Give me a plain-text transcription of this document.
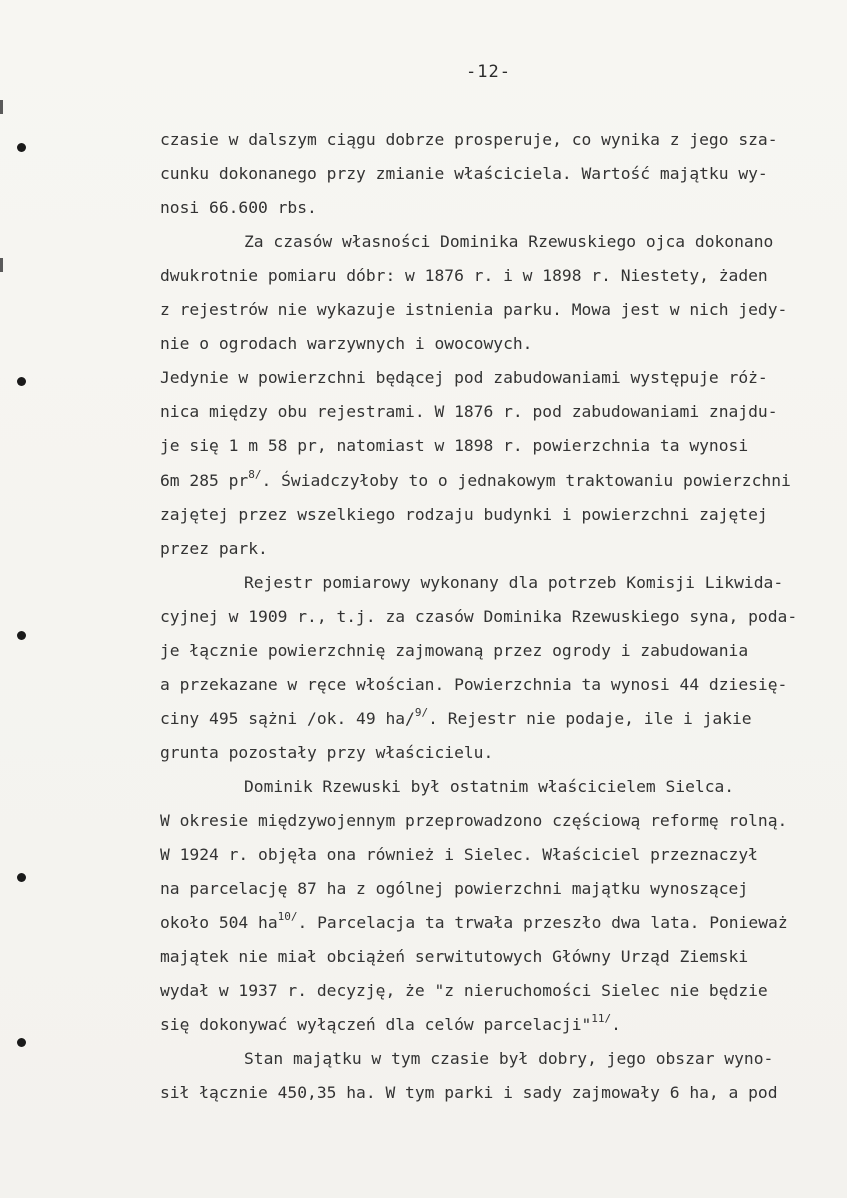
-12-
czasie w dalszym ciągu dobrze prosperuje, co wynika z jego sza-
cunku dokonanego przy zmianie właściciela. Wartość majątku wy-
nosi 66.600 rbs.
Za czasów własności Dominika Rzewuskiego ojca dokonano
dwukrotnie pomiaru dóbr: w 1876 r. i w 1898 r. Niestety, żaden
z rejestrów nie wykazuje istnienia parku. Mowa jest w nich jedy-
nie o ogrodach warzywnych i owocowych.
Jedynie w powierzchni będącej pod zabudowaniami występuje róż-
nica między obu rejestrami. W 1876 r. pod zabudowaniami znajdu-
je się 1 m 58 pr, natomiast w 1898 r. powierzchnia ta wynosi
6m 285 pr$^{8/}$. Świadczyłoby to o jednakowym traktowaniu powierzchni
zajętej przez wszelkiego rodzaju budynki i powierzchni zajętej
przez park.
Rejestr pomiarowy wykonany dla potrzeb Komisji Likwida-
cyjnej w 1909 r., t.j. za czasów Dominika Rzewuskiego syna, poda-
je łącznie powierzchnię zajmowaną przez ogrody i zabudowania
a przekazane w ręce włościan. Powierzchnia ta wynosi 44 dziesię-
ciny 495 sążni /ok. 49 ha/$^{9/}$. Rejestr nie podaje, ile i jakie
grunta pozostały przy właścicielu.
Dominik Rzewuski był ostatnim właścicielem Sielca.
W okresie międzywojennym przeprowadzono częściową reformę rolną.
W 1924 r. objęła ona również i Sielec. Właściciel przeznaczył
na parcelację 87 ha z ogólnej powierzchni majątku wynoszącej
około 504 ha$^{10/}$. Parcelacja ta trwała przeszło dwa lata. Ponieważ
majątek nie miał obciążeń serwitutowych Główny Urząd Ziemski
wydał w 1937 r. decyzję, że "z nieruchomości Sielec nie będzie
się dokonywać wyłączeń dla celów parcelacji"$^{11/}$.
Stan majątku w tym czasie był dobry, jego obszar wyno-
sił łącznie 450,35 ha. W tym parki i sady zajmowały 6 ha, a pod
